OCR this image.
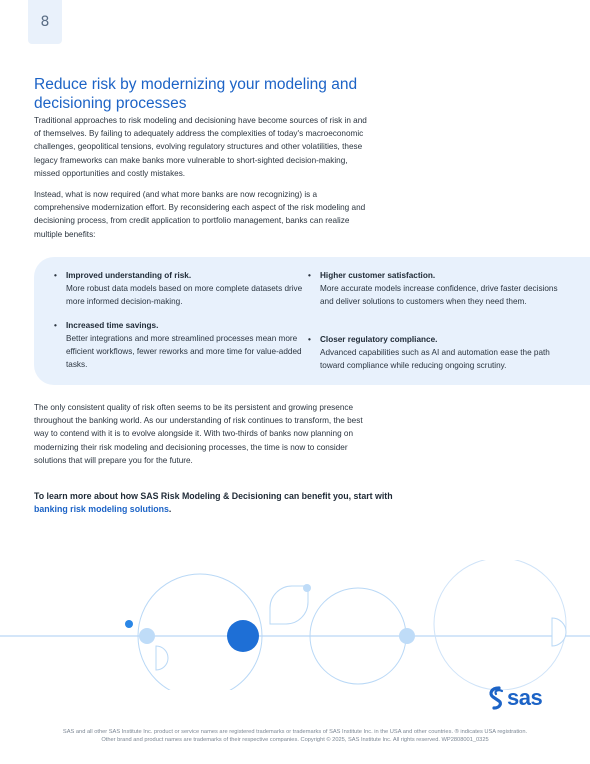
8
Reduce risk by modernizing your modeling and decisioning processes

Traditional approaches to risk modeling and decisioning have become sources of risk in and of themselves. By failing to adequately address the complexities of today's macroeconomic challenges, geopolitical tensions, evolving regulatory structures and other volatilities, these legacy frameworks can make banks more vulnerable to short-sighted decision-making, missed opportunities and costly mistakes.

Instead, what is now required (and what more banks are now recognizing) is a comprehensive modernization effort. By reconsidering each aspect of the risk modeling and decisioning process, from credit application to portfolio management, banks can realize multiple benefits:

• Improved understanding of risk.
More robust data models based on more complete datasets drive more informed decision-making.
• Increased time savings.
Better integrations and more streamlined processes mean more efficient workflows, fewer reworks and more time for value-added tasks.
• Higher customer satisfaction.
More accurate models increase confidence, drive faster decisions and deliver solutions to customers when they need them.
• Closer regulatory compliance.
Advanced capabilities such as AI and automation ease the path toward compliance while reducing ongoing scrutiny.

The only consistent quality of risk often seems to be its persistent and growing presence throughout the banking world. As our understanding of risk continues to transform, the best way to contend with it is to evolve alongside it. With two-thirds of banks now planning on modernizing their risk modeling and decisioning processes, the time is now to consider solutions that will prepare you for the future.

To learn more about how SAS Risk Modeling & Decisioning can benefit you, start with banking risk modeling solutions.

sas
SAS and all other SAS Institute Inc. product or service names are registered trademarks or trademarks of SAS Institute Inc. in the USA and other countries. ® indicates USA registration.
Other brand and product names are trademarks of their respective companies. Copyright © 2025, SAS Institute Inc. All rights reserved. WP2808001_0325
